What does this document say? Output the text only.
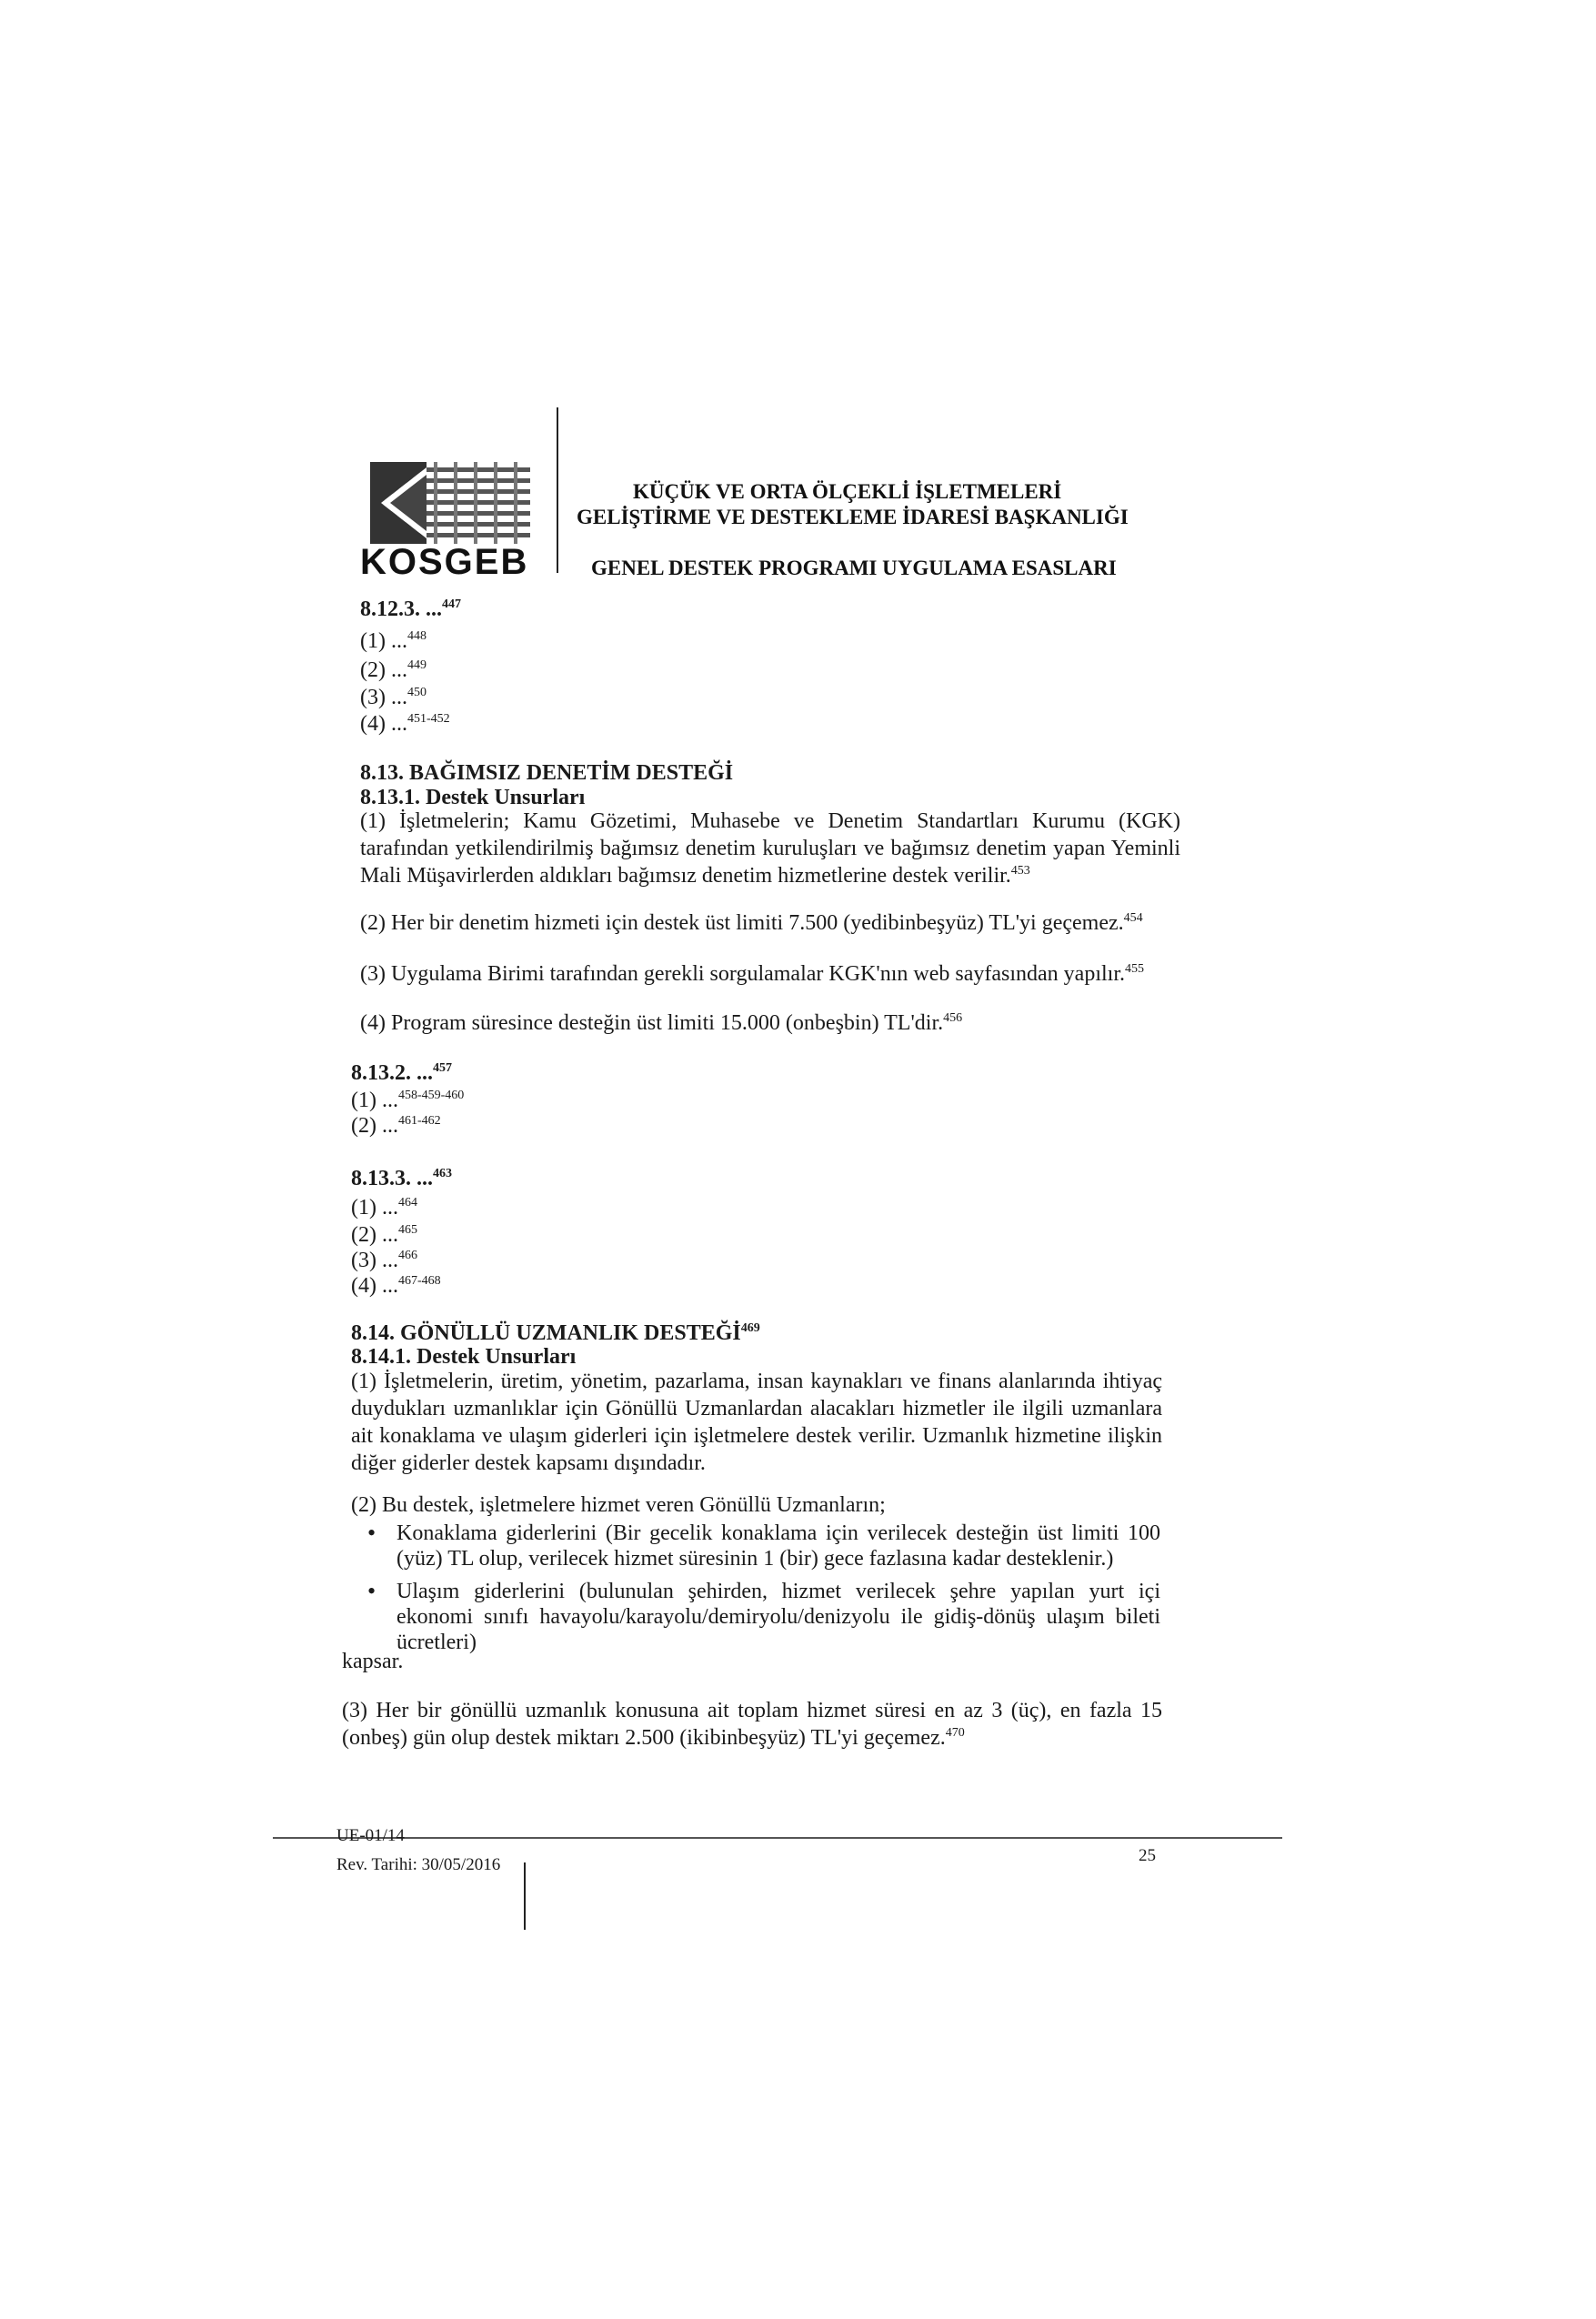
KOSGEB
KÜÇÜK VE ORTA ÖLÇEKLİ İŞLETMELERİ
GELİŞTİRME VE DESTEKLEME İDARESİ BAŞKANLIĞI
GENEL DESTEK PROGRAMI UYGULAMA ESASLARI
8.12.3. ...$^{447}$
(1) ...$^{448}$
(2) ...$^{449}$
(3) ...$^{450}$
(4) ...$^{451-452}$
8.13. BAĞIMSIZ DENETİM DESTEĞİ
8.13.1. Destek Unsurları
(1) İşletmelerin; Kamu Gözetimi, Muhasebe ve Denetim Standartları Kurumu (KGK) tarafından yetkilendirilmiş bağımsız denetim kuruluşları ve bağımsız denetim yapan Yeminli Mali Müşavirlerden aldıkları bağımsız denetim hizmetlerine destek verilir.$^{453}$
(2) Her bir denetim hizmeti için destek üst limiti 7.500 (yedibinbeşyüz) TL'yi geçemez.$^{454}$
(3) Uygulama Birimi tarafından gerekli sorgulamalar KGK'nın web sayfasından yapılır.$^{455}$
(4) Program süresince desteğin üst limiti 15.000 (onbeşbin) TL'dir.$^{456}$
8.13.2. ...$^{457}$
(1) ...$^{458-459-460}$
(2) ...$^{461-462}$
8.13.3. ...$^{463}$
(1) ...$^{464}$
(2) ...$^{465}$
(3) ...$^{466}$
(4) ...$^{467-468}$
8.14. GÖNÜLLÜ UZMANLIK DESTEĞİ$^{469}$
8.14.1. Destek Unsurları
(1) İşletmelerin, üretim, yönetim, pazarlama, insan kaynakları ve finans alanlarında ihtiyaç duydukları uzmanlıklar için Gönüllü Uzmanlardan alacakları hizmetler ile ilgili uzmanlara ait konaklama ve ulaşım giderleri için işletmelere destek verilir. Uzmanlık hizmetine ilişkin diğer giderler destek kapsamı dışındadır.
(2) Bu destek, işletmelere hizmet veren Gönüllü Uzmanların;
• Konaklama giderlerini (Bir gecelik konaklama için verilecek desteğin üst limiti 100 (yüz) TL olup, verilecek hizmet süresinin 1 (bir) gece fazlasına kadar desteklenir.)
• Ulaşım giderlerini (bulunulan şehirden, hizmet verilecek şehre yapılan yurt içi ekonomi sınıfı havayolu/karayolu/demiryolu/denizyolu ile gidiş-dönüş ulaşım bileti ücretleri)
kapsar.
(3) Her bir gönüllü uzmanlık konusuna ait toplam hizmet süresi en az 3 (üç), en fazla 15 (onbeş) gün olup destek miktarı 2.500 (ikibinbeşyüz) TL'yi geçemez.$^{470}$
UE-01/14
Rev. Tarihi: 30/05/2016	25
